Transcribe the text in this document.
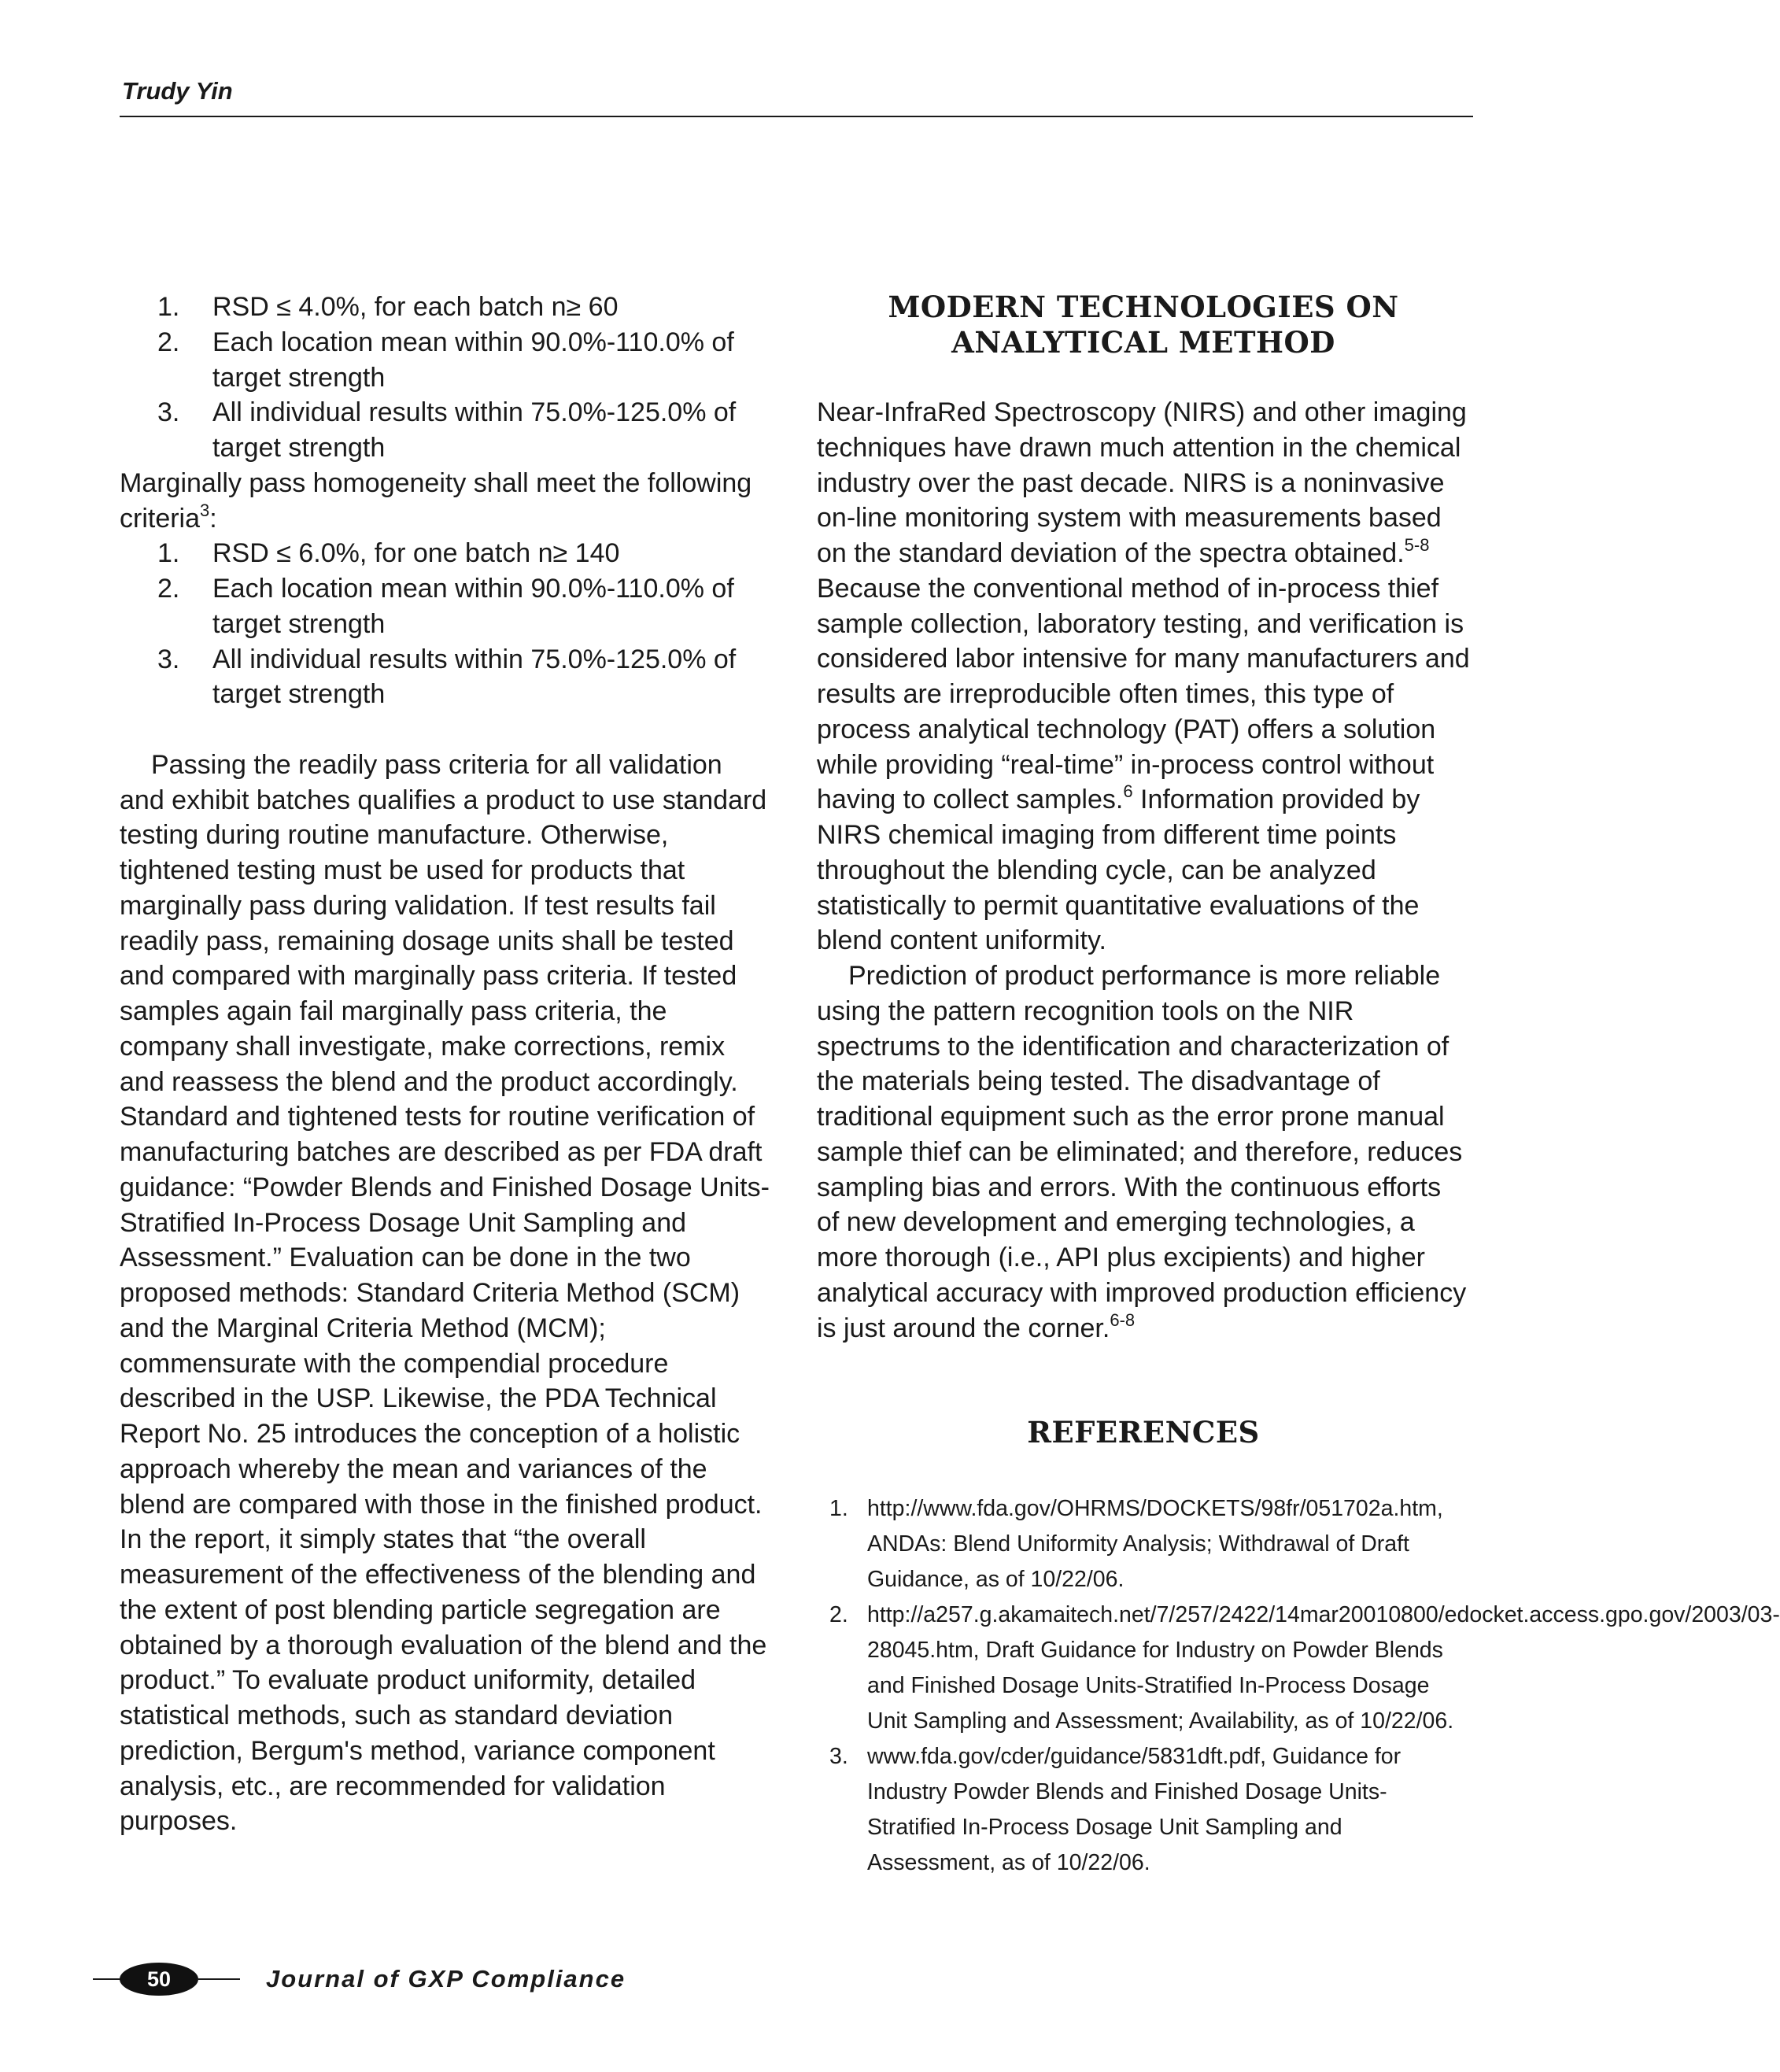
Trudy Yin
1. RSD ≤ 4.0%, for each batch n≥ 60
2. Each location mean within 90.0%-110.0% of target strength
3. All individual results within 75.0%-125.0% of target strength

Marginally pass homogeneity shall meet the following criteria$^3$:

1. RSD ≤ 6.0%, for one batch n≥ 140
2. Each location mean within 90.0%-110.0% of target strength
3. All individual results within 75.0%-125.0% of target strength

Passing the readily pass criteria for all validation and exhibit batches qualifies a product to use standard testing during routine manufacture. Otherwise, tightened testing must be used for products that marginally pass during validation. If test results fail readily pass, remaining dosage units shall be tested and compared with marginally pass criteria. If tested samples again fail marginally pass criteria, the company shall investigate, make corrections, remix and reassess the blend and the product accordingly. Standard and tightened tests for routine verification of manufacturing batches are described as per FDA draft guidance: “Powder Blends and Finished Dosage Units- Stratified In-Process Dosage Unit Sampling and Assessment.” Evaluation can be done in the two proposed methods: Standard Criteria Method (SCM) and the Marginal Criteria Method (MCM); commensurate with the compendial procedure described in the USP. Likewise, the PDA Technical Report No. 25 introduces the conception of a holistic approach whereby the mean and variances of the blend are compared with those in the finished product. In the report, it simply states that “the overall measurement of the effectiveness of the blending and the extent of post blending particle segregation are obtained by a thorough evaluation of the blend and the product.” To evaluate product uniformity, detailed statistical methods, such as standard deviation prediction, Bergum's method, variance component analysis, etc., are recommended for validation purposes.

MODERN TECHNOLOGIES ON
ANALYTICAL METHOD

Near-InfraRed Spectroscopy (NIRS) and other imaging techniques have drawn much attention in the chemical industry over the past decade. NIRS is a noninvasive on-line monitoring system with measurements based on the standard deviation of the spectra obtained.$^{5-8}$ Because the conventional method of in-process thief sample collection, laboratory testing, and verification is considered labor intensive for many manufacturers and results are irreproducible often times, this type of process analytical technology (PAT) offers a solution while providing “real-time” in-process control without having to collect samples.$^6$ Information provided by NIRS chemical imaging from different time points throughout the blending cycle, can be analyzed statistically to permit quantitative evaluations of the blend content uniformity.

Prediction of product performance is more reliable using the pattern recognition tools on the NIR spectrums to the identification and characterization of the materials being tested. The disadvantage of traditional equipment such as the error prone manual sample thief can be eliminated; and therefore, reduces sampling bias and errors. With the continuous efforts of new development and emerging technologies, a more thorough (i.e., API plus excipients) and higher analytical accuracy with improved production efficiency is just around the corner.$^{6-8}$

REFERENCES
1. http://www.fda.gov/OHRMS/DOCKETS/98fr/051702a.htm, ANDAs: Blend Uniformity Analysis; Withdrawal of Draft Guidance, as of 10/22/06.
2. http://a257.g.akamaitech.net/7/257/2422/14mar20010800/edocket.access.gpo.gov/2003/03-28045.htm, Draft Guidance for Industry on Powder Blends and Finished Dosage Units-Stratified In-Process Dosage Unit Sampling and Assessment; Availability, as of 10/22/06.
3. www.fda.gov/cder/guidance/5831dft.pdf, Guidance for Industry Powder Blends and Finished Dosage Units-Stratified In-Process Dosage Unit Sampling and Assessment, as of 10/22/06.
50	Journal of GXP Compliance
